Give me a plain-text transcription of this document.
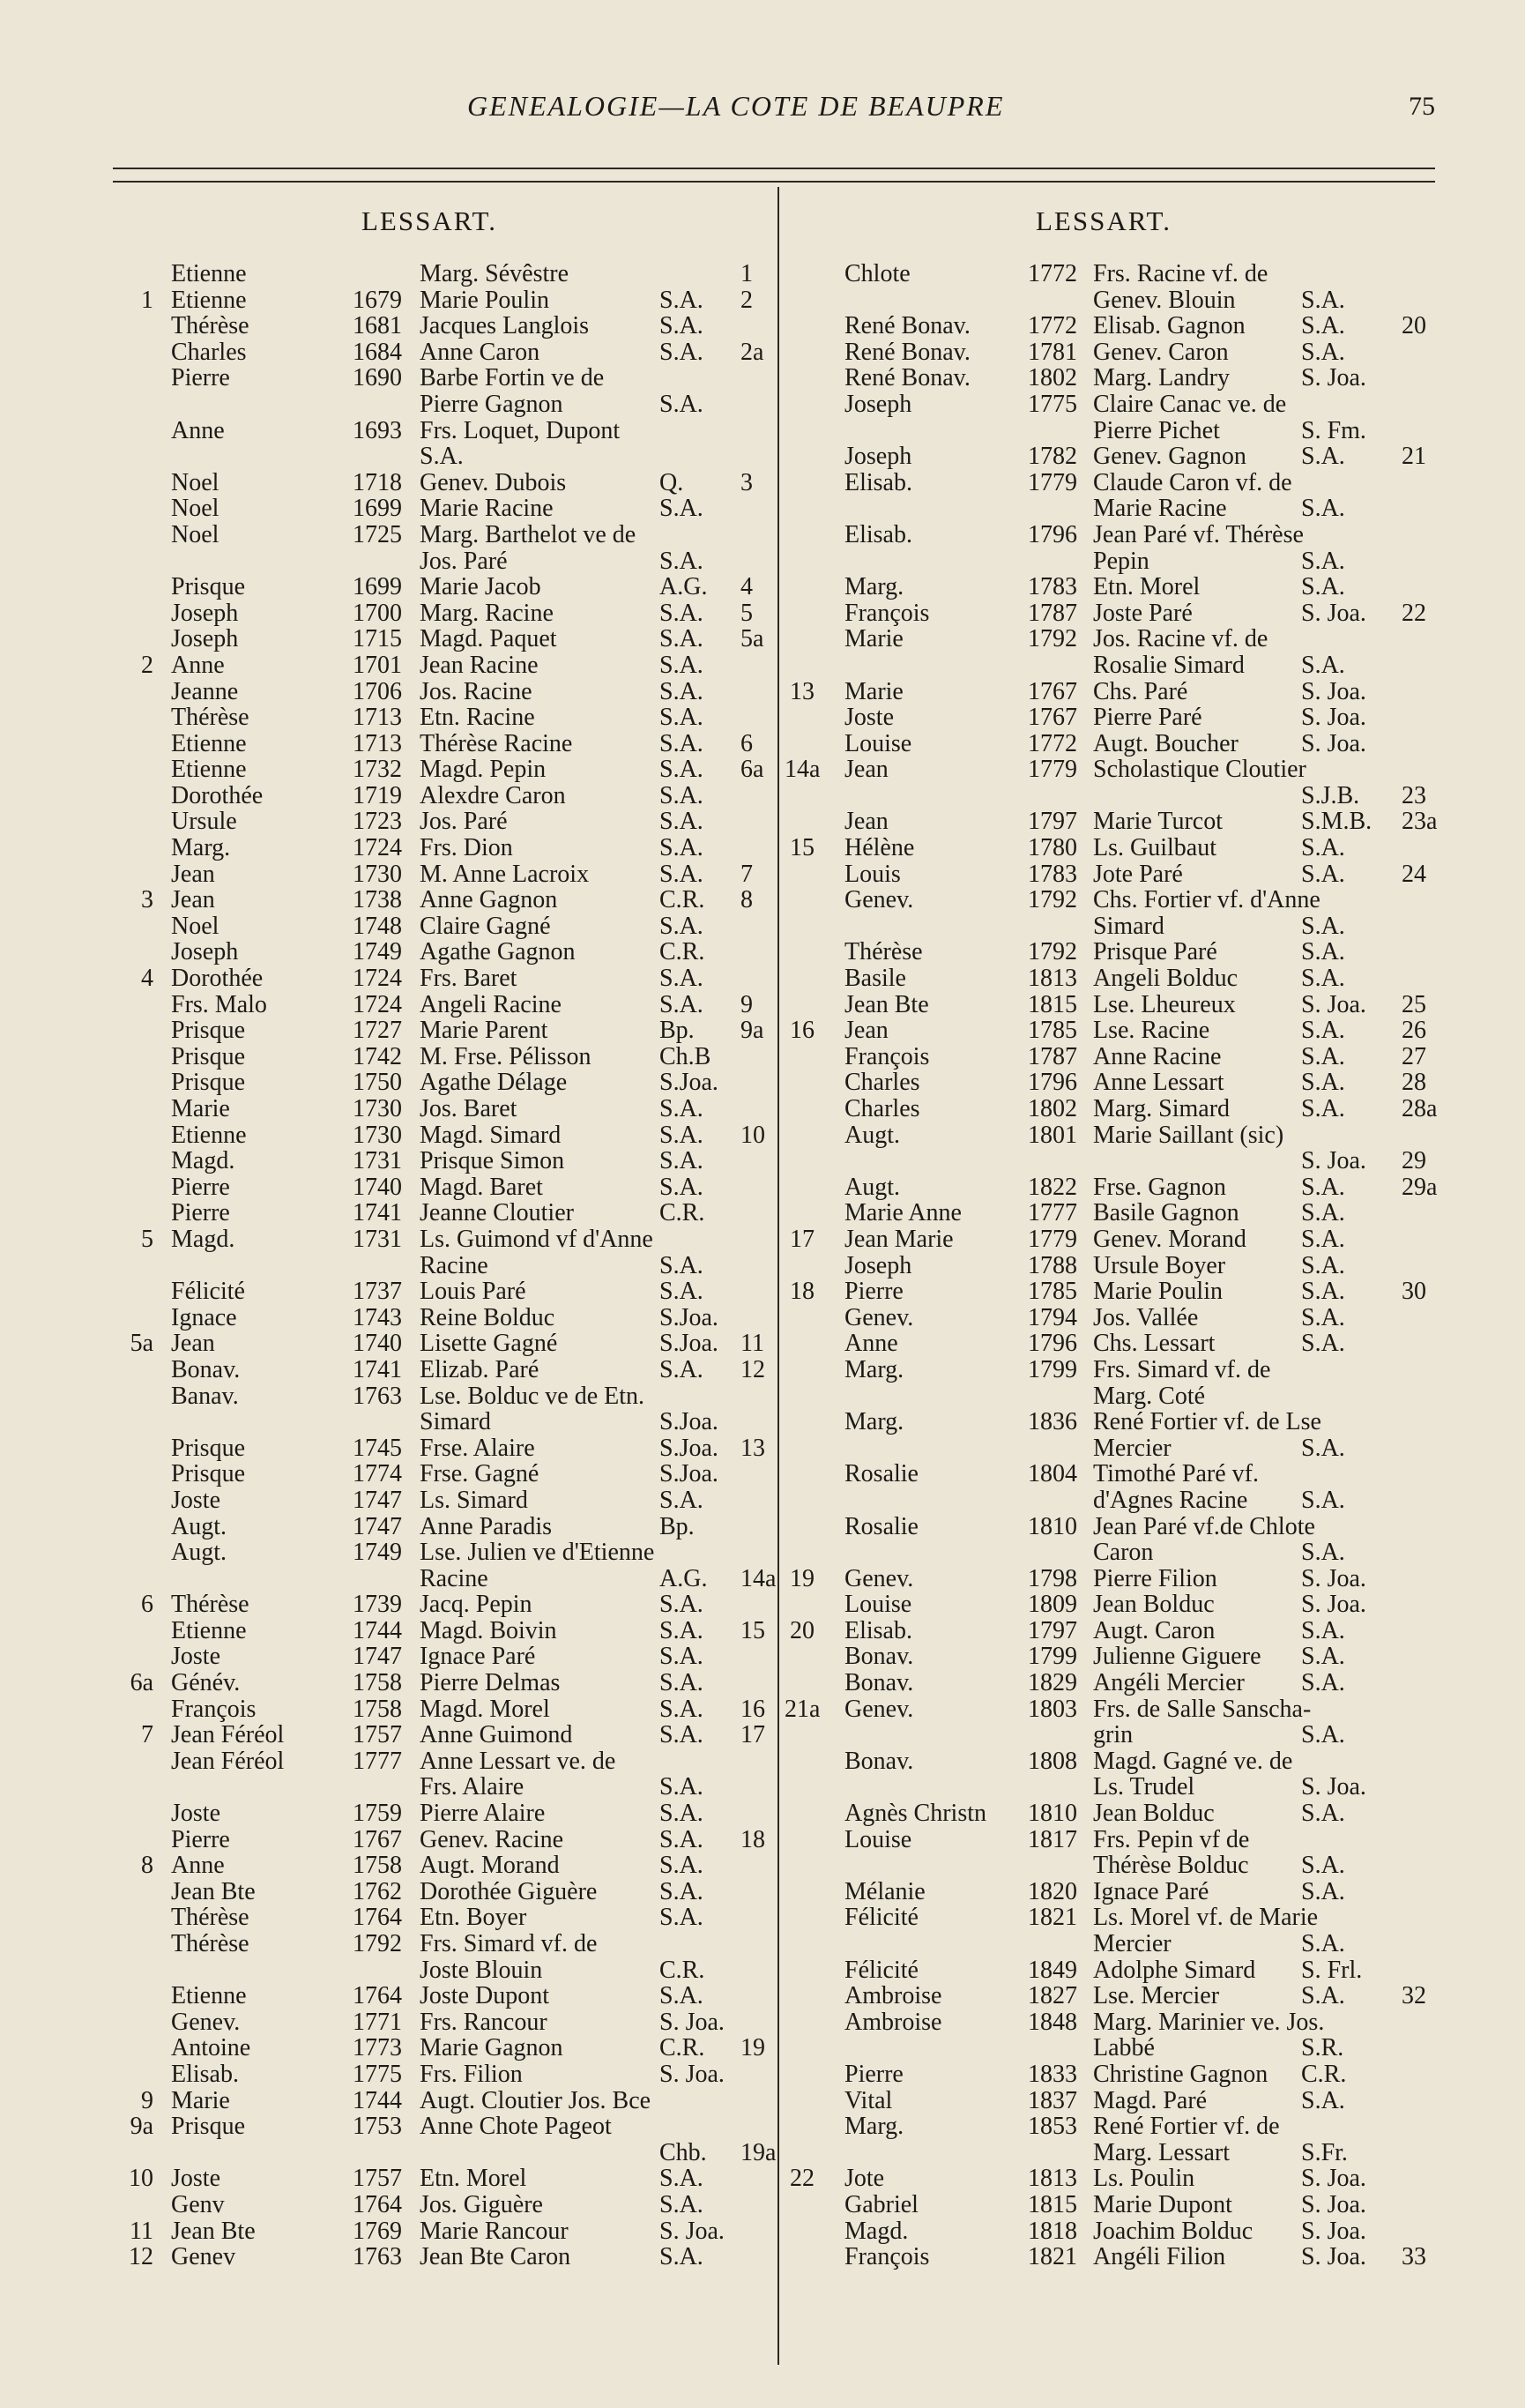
GENEALOGIE—LA COTE DE BEAUPRE	75
LESSART.	LESSART.
Etienne	Marg. Sévêstre	1
1 Etienne	1679 Marie Poulin	S.A. 2
Thérèse	1681 Jacques Langlois	S.A.
Charles	1684 Anne Caron	S.A. 2a
Pierre	1690 Barbe Fortin ve de
Pierre Gagnon	S.A.
Anne	1693 Frs. Loquet, Dupont
S.A.
Noel	1718 Genev. Dubois	Q. 3
Noel	1699 Marie Racine	S.A.
Noel	1725 Marg. Barthelot ve de
Jos. Paré	S.A.
Prisque	1699 Marie Jacob	A.G. 4
Joseph	1700 Marg. Racine	S.A. 5
Joseph	1715 Magd. Paquet	S.A. 5a
2 Anne	1701 Jean Racine	S.A.
Jeanne	1706 Jos. Racine	S.A.
Thérèse	1713 Etn. Racine	S.A.
Etienne	1713 Thérèse Racine	S.A. 6
Etienne	1732 Magd. Pepin	S.A. 6a
Dorothée	1719 Alexdre Caron	S.A.
Ursule	1723 Jos. Paré	S.A.
Marg.	1724 Frs. Dion	S.A.
Jean	1730 M. Anne Lacroix	S.A. 7
3 Jean	1738 Anne Gagnon	C.R. 8
Noel	1748 Claire Gagné	S.A.
Joseph	1749 Agathe Gagnon	C.R.
4 Dorothée	1724 Frs. Baret	S.A.
Frs. Malo	1724 Angeli Racine	S.A. 9
Prisque	1727 Marie Parent	Bp. 9a
Prisque	1742 M. Frse. Pélisson	Ch.B
Prisque	1750 Agathe Délage	S.Joa.
Marie	1730 Jos. Baret	S.A.
Etienne	1730 Magd. Simard	S.A. 10
Magd.	1731 Prisque Simon	S.A.
Pierre	1740 Magd. Baret	S.A.
Pierre	1741 Jeanne Cloutier	C.R.
5 Magd.	1731 Ls. Guimond vf d'Anne
Racine	S.A.
Félicité	1737 Louis Paré	S.A.
Ignace	1743 Reine Bolduc	S.Joa.
5a Jean	1740 Lisette Gagné	S.Joa. 11
Bonav.	1741 Elizab. Paré	S.A. 12
Banav.	1763 Lse. Bolduc ve de Etn.
Simard	S.Joa.
Prisque	1745 Frse. Alaire	S.Joa. 13
Prisque	1774 Frse. Gagné	S.Joa.
Joste	1747 Ls. Simard	S.A.
Augt.	1747 Anne Paradis	Bp.
Augt.	1749 Lse. Julien ve d'Etienne
Racine	A.G. 14a
6 Thérèse	1739 Jacq. Pepin	S.A.
Etienne	1744 Magd. Boivin	S.A. 15
Joste	1747 Ignace Paré	S.A.
6a Génév.	1758 Pierre Delmas	S.A.
François	1758 Magd. Morel	S.A. 16
7 Jean Féréol	1757 Anne Guimond	S.A. 17
Jean Féréol	1777 Anne Lessart ve. de
Frs. Alaire	S.A.
Joste	1759 Pierre Alaire	S.A.
Pierre	1767 Genev. Racine	S.A. 18
8 Anne	1758 Augt. Morand	S.A.
Jean Bte	1762 Dorothée Giguère	S.A.
Thérèse	1764 Etn. Boyer	S.A.
Thérèse	1792 Frs. Simard vf. de
Joste Blouin	C.R.
Etienne	1764 Joste Dupont	S.A.
Genev.	1771 Frs. Rancour	S. Joa.
Antoine	1773 Marie Gagnon	C.R. 19
Elisab.	1775 Frs. Filion	S. Joa.
9 Marie	1744 Augt. Cloutier Jos. Bce
9a Prisque	1753 Anne Chote Pageot
Chb. 19a
10 Joste	1757 Etn. Morel	S.A.
Genv	1764 Jos. Giguère	S.A.
11 Jean Bte	1769 Marie Rancour	S. Joa.
12 Genev	1763 Jean Bte Caron	S.A.
Chlote	1772 Frs. Racine vf. de
Genev. Blouin	S.A.
René Bonav. 1772 Elisab. Gagnon S.A. 20
René Bonav. 1781 Genev. Caron	S.A.
René Bonav. 1802 Marg. Landry	S. Joa.
Joseph	1775 Claire Canac ve. de
Pierre Pichet	S. Fm.
Joseph	1782 Genev. Gagnon S.A. 21
Elisab.	1779 Claude Caron vf. de
Marie Racine	S.A.
Elisab.	1796 Jean Paré vf. Thérèse
Pepin	S.A.
Marg.	1783 Etn. Morel	S.A.
François	1787 Joste Paré	S. Joa. 22
Marie	1792 Jos. Racine vf. de
Rosalie Simard S.A.
13 Marie	1767 Chs. Paré	S. Joa.
Joste	1767 Pierre Paré	S. Joa.
Louise	1772 Augt. Boucher	S. Joa.
14a Jean	1779 Scholastique Cloutier
S.J.B. 23
Jean	1797 Marie Turcot	S.M.B. 23a
15 Hélène	1780 Ls. Guilbaut	S.A.
Louis	1783 Jote Paré	S.A. 24
Genev.	1792 Chs. Fortier vf. d'Anne
Simard	S.A.
Thérèse	1792 Prisque Paré	S.A.
Basile	1813 Angeli Bolduc	S.A.
Jean Bte	1815 Lse. Lheureux	S. Joa. 25
16 Jean	1785 Lse. Racine	S.A. 26
François	1787 Anne Racine	S.A. 27
Charles	1796 Anne Lessart	S.A. 28
Charles	1802 Marg. Simard	S.A. 28a
Augt.	1801 Marie Saillant (sic)
S. Joa. 29
Augt.	1822 Frse. Gagnon	S.A. 29a
Marie Anne	1777 Basile Gagnon	S.A.
17 Jean Marie	1779 Genev. Morand S.A.
Joseph	1788 Ursule Boyer	S.A.
18 Pierre	1785 Marie Poulin	S.A. 30
Genev.	1794 Jos. Vallée	S.A.
Anne	1796 Chs. Lessart	S.A.
Marg.	1799 Frs. Simard vf. de
Marg. Coté
Marg.	1836 René Fortier vf. de Lse
Mercier	S.A.
Rosalie	1804 Timothé Paré vf.
d'Agnes Racine S.A.
Rosalie	1810 Jean Paré vf.de Chlote
Caron	S.A.
19 Genev.	1798 Pierre Filion	S. Joa.
Louise	1809 Jean Bolduc	S. Joa.
20 Elisab.	1797 Augt. Caron	S.A.
Bonav.	1799 Julienne Giguere S.A.
Bonav.	1829 Angéli Mercier S.A.
21a Genev.	1803 Frs. de Salle Sanscha-
grin	S.A.
Bonav.	1808 Magd. Gagné ve. de
Ls. Trudel	S. Joa.
Agnès Christn 1810 Jean Bolduc	S.A.
Louise	1817 Frs. Pepin vf de
Thérèse Bolduc S.A.
Mélanie	1820 Ignace Paré	S.A.
Félicité	1821 Ls. Morel vf. de Marie
Mercier	S.A.
Félicité	1849 Adolphe Simard S. Frl.
Ambroise	1827 Lse. Mercier	S.A. 32
Ambroise	1848 Marg. Marinier ve. Jos.
Labbé	S.R.
Pierre	1833 Christine Gagnon C.R.
Vital	1837 Magd. Paré	S.A.
Marg.	1853 René Fortier vf. de
Marg. Lessart	S.Fr.
22 Jote	1813 Ls. Poulin	S. Joa.
Gabriel	1815 Marie Dupont	S. Joa.
Magd.	1818 Joachim Bolduc S. Joa.
François	1821 Angéli Filion	S. Joa. 33
